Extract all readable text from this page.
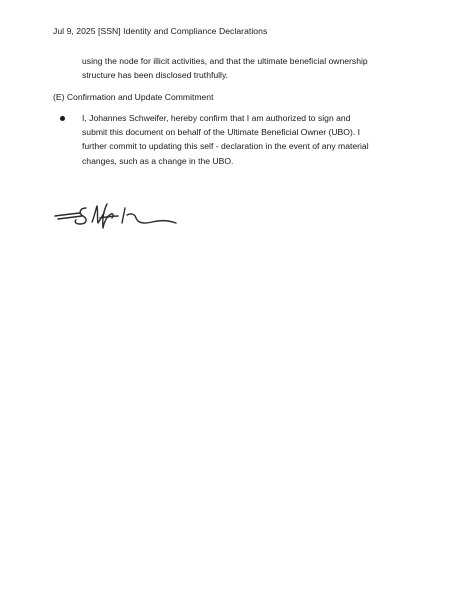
Jul 9, 2025 [SSN] Identity and Compliance Declarations
using the node for illicit activities, and that the ultimate beneficial ownership
structure has been disclosed truthfully.
(E) Confirmation and Update Commitment
I, Johannes Schweifer, hereby confirm that I am authorized to sign and
submit this document on behalf of the Ultimate Beneficial Owner (UBO). I
further commit to updating this self - declaration in the event of any material
changes, such as a change in the UBO.
